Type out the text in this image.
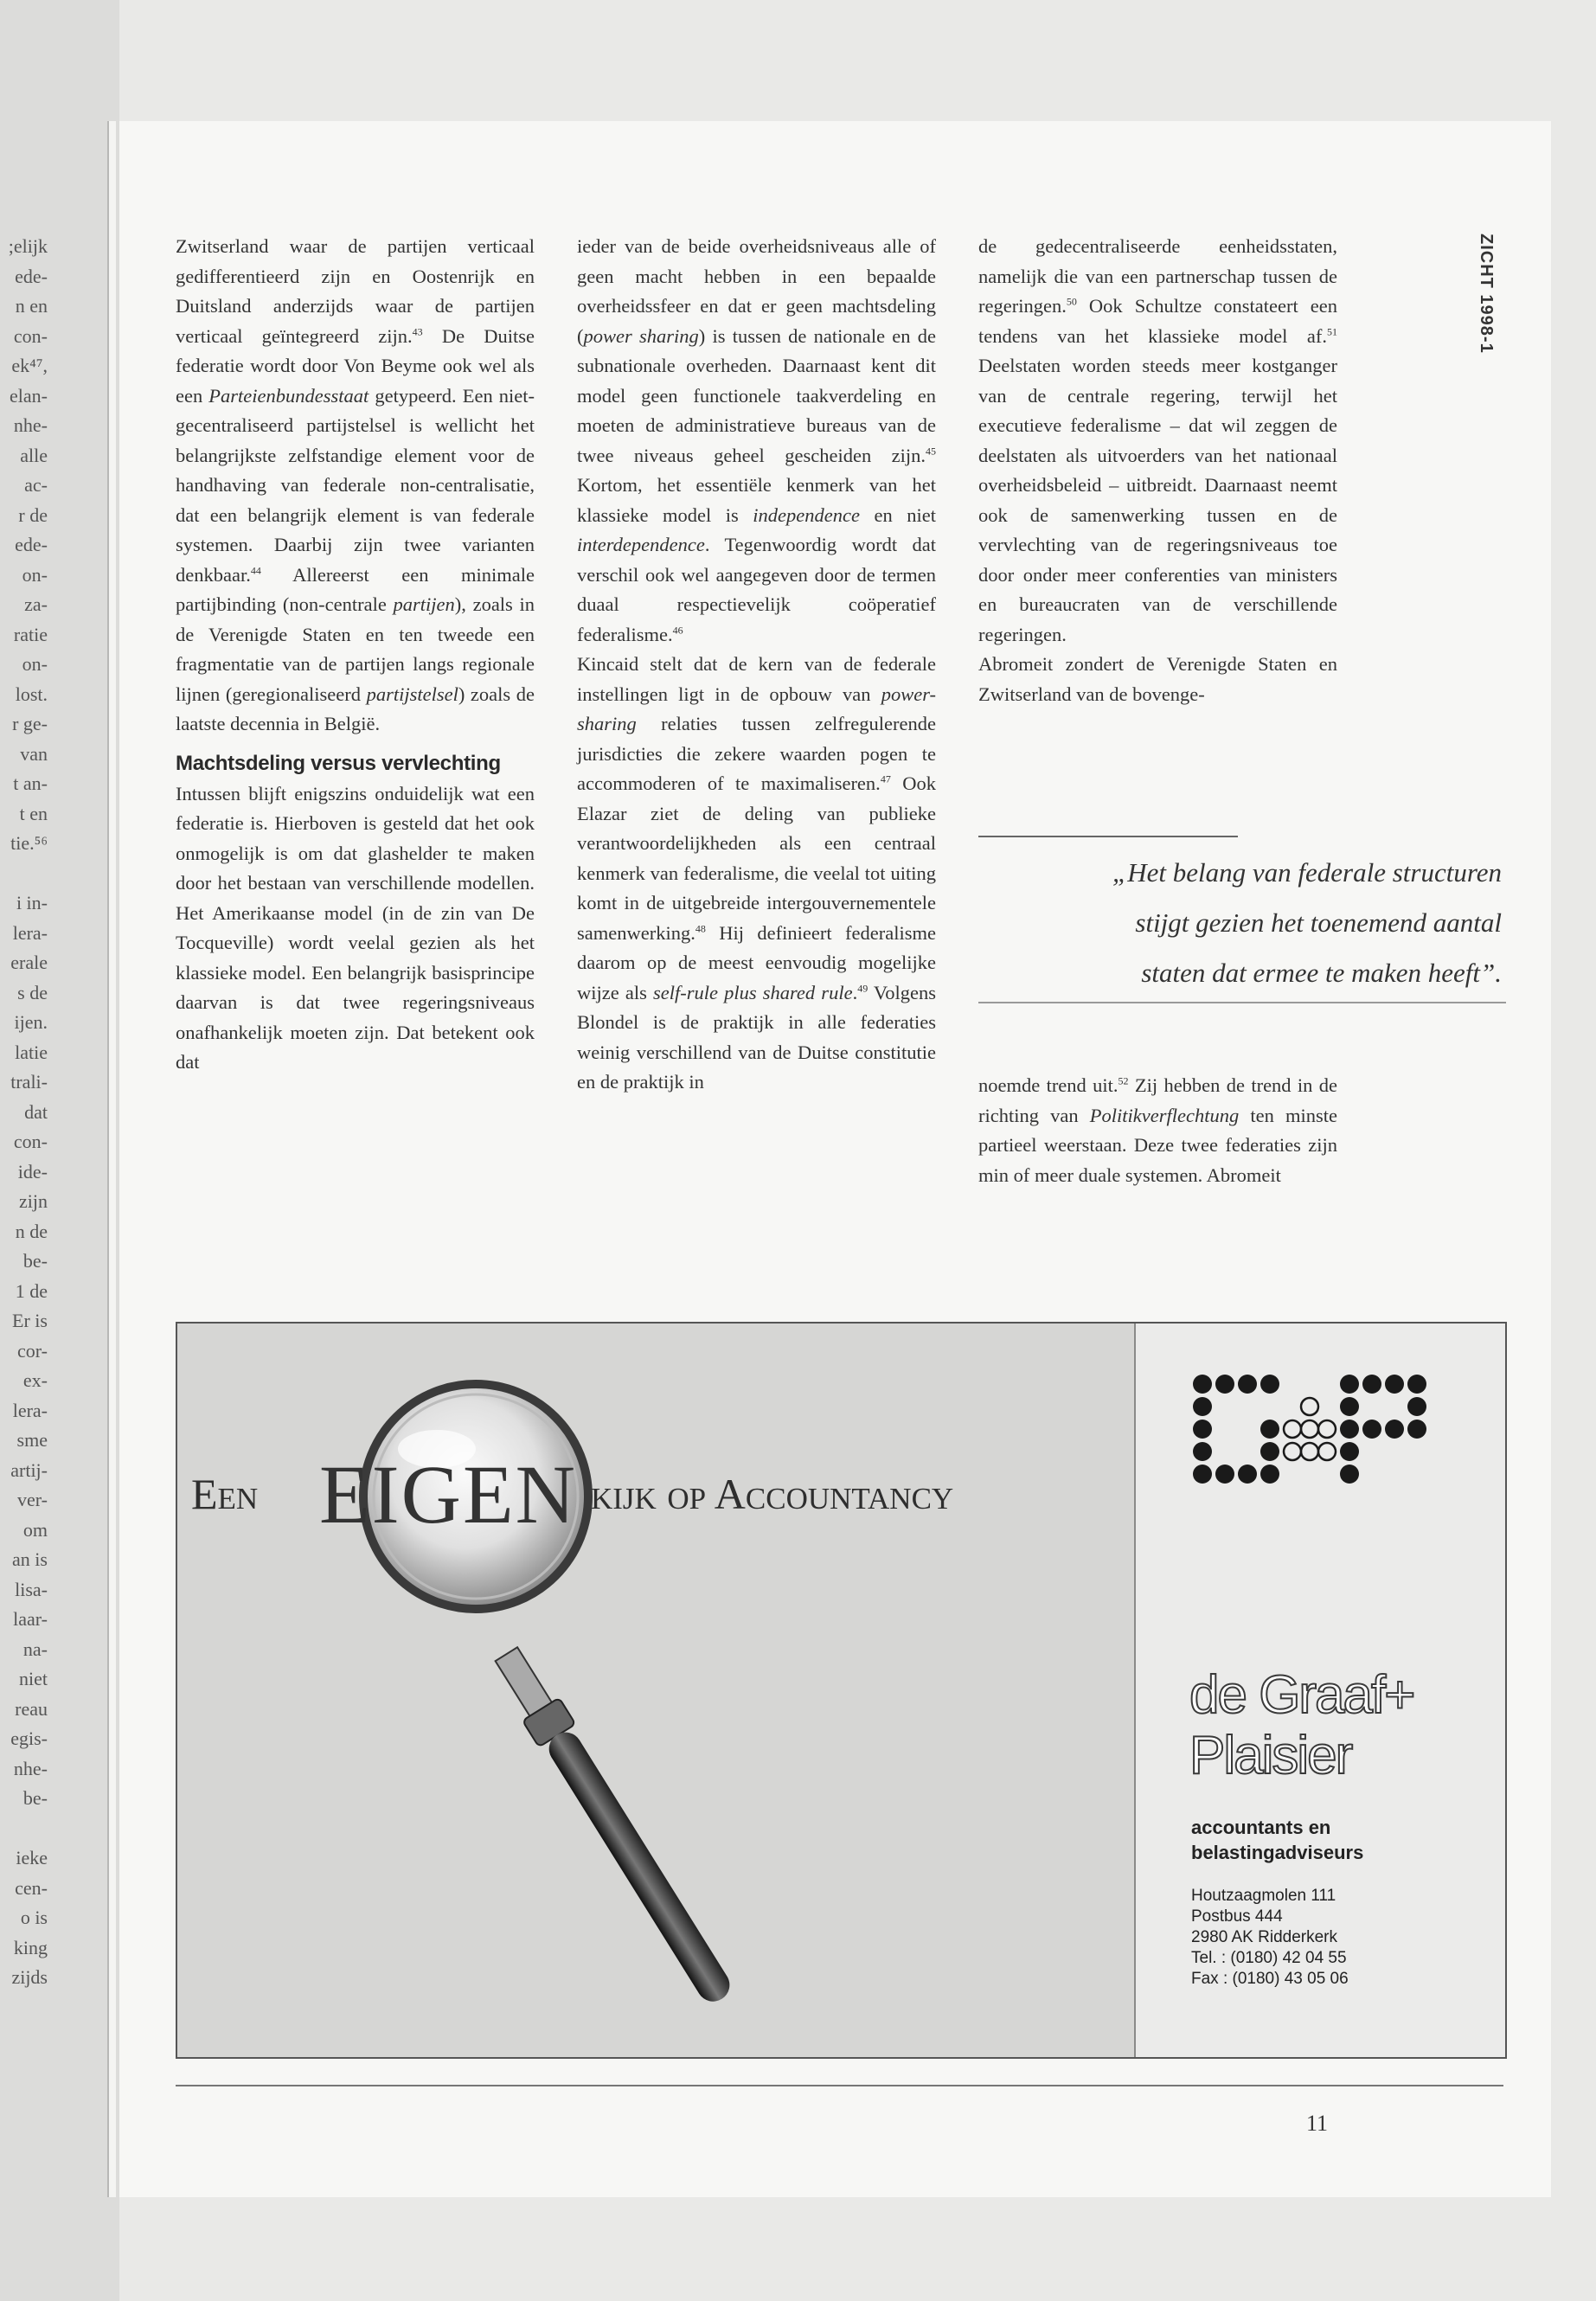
;elijk
ede-
n en
con-
ek⁴⁷,
elan-
nhe-
alle
ac-
r de
ede-
on-
za-
ratie
on-
lost.
r ge-
van
t an-
t en
tie.⁵⁶

i in-
lera-
erale
s de
ijen.
latie
trali-
dat
con-
ide-
zijn
n de
be-
1 de
Er is
cor-
ex-
lera-
sme
artij-
ver-
om
an is
lisa-
laar-
na-
niet
reau
egis-
nhe-
be-

ieke
cen-
o is
king
zijds
ZICHT 1998-1

Zwitserland waar de partijen verticaal gedifferentieerd zijn en Oostenrijk en Duitsland anderzijds waar de partijen verticaal geïntegreerd zijn.$^{43}$ De Duitse federatie wordt door Von Beyme ook wel als een Parteienbundesstaat getypeerd. Een niet-gecentraliseerd partijstelsel is wellicht het belangrijkste zelfstandige element voor de handhaving van federale non-centralisatie, dat een belangrijk element is van federale systemen. Daarbij zijn twee varianten denkbaar.$^{44}$ Allereerst een minimale partijbinding (non-centrale partijen), zoals in de Verenigde Staten en ten tweede een fragmentatie van de partijen langs regionale lijnen (geregionaliseerd partijstelsel) zoals de laatste decennia in België.

Machtsdeling versus vervlechting

Intussen blijft enigszins onduidelijk wat een federatie is. Hierboven is gesteld dat het ook onmogelijk is om dat glashelder te maken door het bestaan van verschillende modellen. Het Amerikaanse model (in de zin van De Tocqueville) wordt veelal gezien als het klassieke model. Een belangrijk basisprincipe daarvan is dat twee regeringsniveaus onafhankelijk moeten zijn. Dat betekent ook dat

ieder van de beide overheidsniveaus alle of geen macht hebben in een bepaalde overheidssfeer en dat er geen machtsdeling (power sharing) is tussen de nationale en de subnationale overheden. Daarnaast kent dit model geen functionele taakverdeling en moeten de administratieve bureaus van de twee niveaus geheel gescheiden zijn.$^{45}$ Kortom, het essentiële kenmerk van het klassieke model is independence en niet interdependence. Tegenwoordig wordt dat verschil ook wel aangegeven door de termen duaal respectievelijk coöperatief federalisme.$^{46}$

Kincaid stelt dat de kern van de federale instellingen ligt in de opbouw van power-sharing relaties tussen zelfregulerende jurisdicties die zekere waarden pogen te accommoderen of te maximaliseren.$^{47}$ Ook Elazar ziet de deling van publieke verantwoordelijkheden als een centraal kenmerk van federalisme, die veelal tot uiting komt in de uitgebreide intergouvernementele samenwerking.$^{48}$ Hij definieert federalisme daarom op de meest eenvoudig mogelijke wijze als self-rule plus shared rule.$^{49}$ Volgens Blondel is de praktijk in alle federaties weinig verschillend van de Duitse constitutie en de praktijk in

de gedecentraliseerde eenheidsstaten, namelijk die van een partnerschap tussen de regeringen.$^{50}$ Ook Schultze constateert een tendens van het klassieke model af.$^{51}$ Deelstaten worden steeds meer kostganger van de centrale regering, terwijl het executieve federalisme – dat wil zeggen de deelstaten als uitvoerders van het nationaal overheidsbeleid – uitbreidt. Daarnaast neemt ook de samenwerking tussen en de vervlechting van de regeringsniveaus toe door onder meer conferenties van ministers en bureaucraten van de verschillende regeringen.

Abromeit zondert de Verenigde Staten en Zwitserland van de bovenge-

„Het belang van federale structuren
stijgt gezien het toenemend aantal
staten dat ermee te maken heeft”.

noemde trend uit.$^{52}$ Zij hebben de trend in de richting van Politikverflechtung ten minste partieel weerstaan. Deze twee federaties zijn min of meer duale systemen. Abromeit

Een EIGEN kijk op Accountancy
de Graaf+
Plaisier
accountants en
belastingadviseurs
Houtzaagmolen 111
Postbus 444
2980 AK Ridderkerk
Tel. : (0180) 42 04 55
Fax : (0180) 43 05 06
11
